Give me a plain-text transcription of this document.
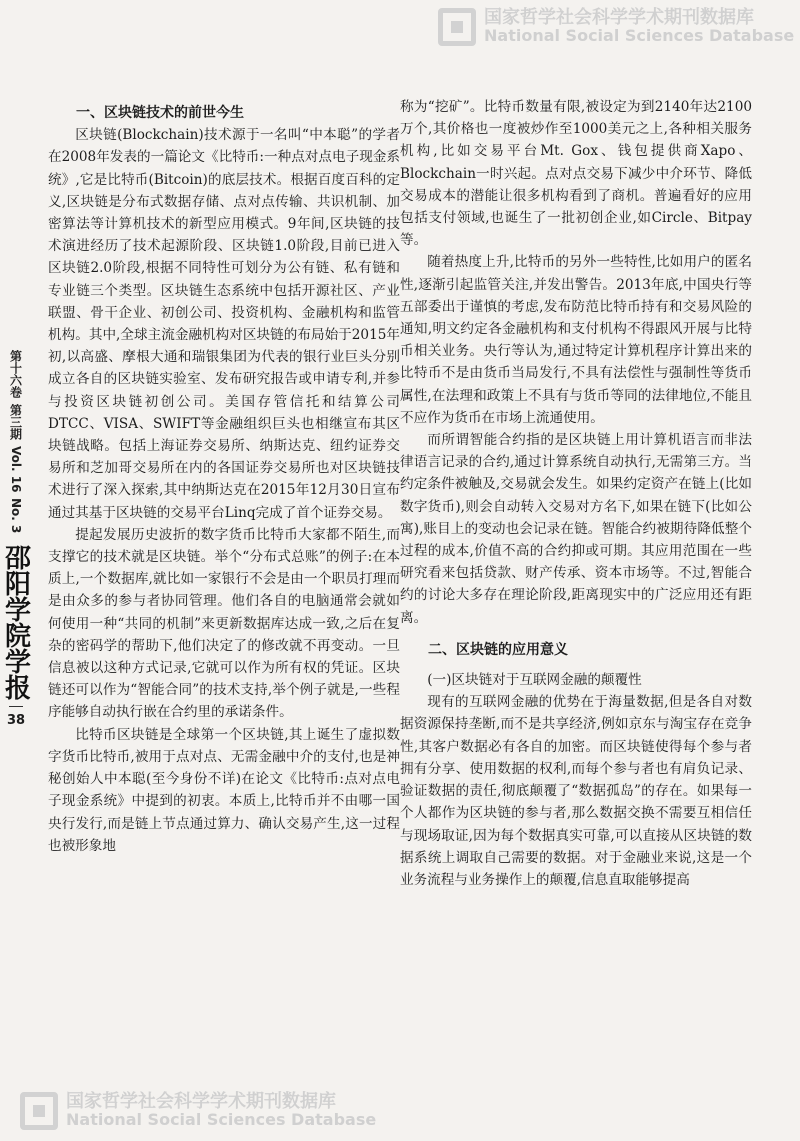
国家哲学社会科学学术期刊数据库
National Social Sciences Database
第十六卷
第三期
Vol. 16
No. 3
邵阳学院学报
38

一、区块链技术的前世今生

区块链(Blockchain)技术源于一名叫“中本聪”的学者在2008年发表的一篇论文《比特币:一种点对点电子现金系统》,它是比特币(Bitcoin)的底层技术。根据百度百科的定义,区块链是分布式数据存储、点对点传输、共识机制、加密算法等计算机技术的新型应用模式。9年间,区块链的技术演进经历了技术起源阶段、区块链1.0阶段,目前已进入区块链2.0阶段,根据不同特性可划分为公有链、私有链和专业链三个类型。区块链生态系统中包括开源社区、产业联盟、骨干企业、初创公司、投资机构、金融机构和监管机构。其中,全球主流金融机构对区块链的布局始于2015年初,以高盛、摩根大通和瑞银集团为代表的银行业巨头分别成立各自的区块链实验室、发布研究报告或申请专利,并参与投资区块链初创公司。美国存管信托和结算公司DTCC、VISA、SWIFT等金融组织巨头也相继宣布其区块链战略。包括上海证券交易所、纳斯达克、纽约证券交易所和芝加哥交易所在内的各国证券交易所也对区块链技术进行了深入探索,其中纳斯达克在2015年12月30日宣布通过其基于区块链的交易平台Linq完成了首个证券交易。

提起发展历史波折的数字货币比特币大家都不陌生,而支撑它的技术就是区块链。举个“分布式总账”的例子:在本质上,一个数据库,就比如一家银行不会是由一个职员打理而是由众多的参与者协同管理。他们各自的电脑通常会就如何使用一种“共同的机制”来更新数据库达成一致,之后在复杂的密码学的帮助下,他们决定了的修改就不再变动。一旦信息被以这种方式记录,它就可以作为所有权的凭证。区块链还可以作为“智能合同”的技术支持,举个例子就是,一些程序能够自动执行嵌在合约里的承诺条件。

比特币区块链是全球第一个区块链,其上诞生了虚拟数字货币比特币,被用于点对点、无需金融中介的支付,也是神秘创始人中本聪(至今身份不详)在论文《比特币:点对点电子现金系统》中提到的初衷。本质上,比特币并不由哪一国央行发行,而是链上节点通过算力、确认交易产生,这一过程也被形象地

称为“挖矿”。比特币数量有限,被设定为到2140年达2100万个,其价格也一度被炒作至1000美元之上,各种相关服务机构,比如交易平台Mt. Gox、钱包提供商Xapo、Blockchain一时兴起。点对点交易下减少中介环节、降低交易成本的潜能让很多机构看到了商机。普遍看好的应用包括支付领域,也诞生了一批初创企业,如Circle、Bitpay等。

随着热度上升,比特币的另外一些特性,比如用户的匿名性,逐渐引起监管关注,并发出警告。2013年底,中国央行等五部委出于谨慎的考虑,发布防范比特币持有和交易风险的通知,明文约定各金融机构和支付机构不得跟风开展与比特币相关业务。央行等认为,通过特定计算机程序计算出来的比特币不是由货币当局发行,不具有法偿性与强制性等货币属性,在法理和政策上不具有与货币等同的法律地位,不能且不应作为货币在市场上流通使用。

而所谓智能合约指的是区块链上用计算机语言而非法律语言记录的合约,通过计算系统自动执行,无需第三方。当约定条件被触及,交易就会发生。如果约定资产在链上(比如数字货币),则会自动转入交易对方名下,如果在链下(比如公寓),账目上的变动也会记录在链。智能合约被期待降低整个过程的成本,价值不高的合约抑或可期。其应用范围在一些研究看来包括贷款、财产传承、资本市场等。不过,智能合约的讨论大多存在理论阶段,距离现实中的广泛应用还有距离。

二、区块链的应用意义

(一)区块链对于互联网金融的颠覆性

现有的互联网金融的优势在于海量数据,但是各自对数据资源保持垄断,而不是共享经济,例如京东与淘宝存在竞争性,其客户数据必有各自的加密。而区块链使得每个参与者拥有分享、使用数据的权利,而每个参与者也有肩负记录、验证数据的责任,彻底颠覆了“数据孤岛”的存在。如果每一个人都作为区块链的参与者,那么数据交换不需要互相信任与现场取证,因为每个数据真实可靠,可以直接从区块链的数据系统上调取自己需要的数据。对于金融业来说,这是一个业务流程与业务操作上的颠覆,信息直取能够提高

国家哲学社会科学学术期刊数据库
National Social Sciences Database
